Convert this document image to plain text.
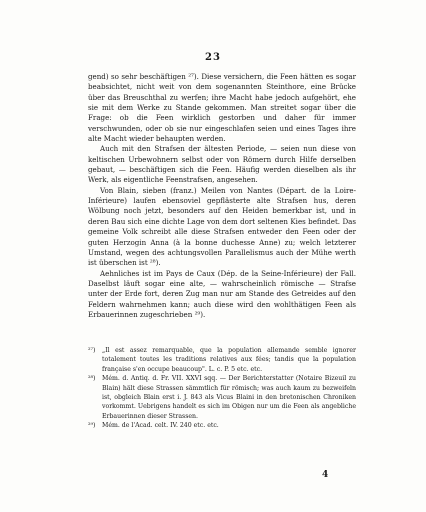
23

gend) so sehr beschäftigen ²⁷). Diese versichern, die Feen hätten es sogar beabsichtet, nicht weit von dem sogenannten Steinthore, eine Brücke über das Breuschthal zu werfen; ihre Macht habe jedoch aufgehört, ehe sie mit dem Werke zu Stande gekommen. Man streitet sogar über die Frage: ob die Feen wirklich gestorben und daher für immer verschwunden, oder ob sie nur eingeschlafen seien und eines Tages ihre alte Macht wieder behaupten werden.

Auch mit den Strafsen der ältesten Periode, — seien nun diese von keltischen Urbewohnern selbst oder von Römern durch Hilfe derselben gebaut, — beschäftigen sich die Feen. Häufig werden dieselben als ihr Werk, als eigentliche Feenstrafsen, angesehen.

Von Blain, sieben (franz.) Meilen von Nantes (Départ. de la Loire-Inférieure) laufen ebensoviel gepflästerte alte Strafsen hus, deren Wölbung noch jetzt, besonders auf den Heiden bemerkbar ist, und in deren Bau sich eine dichte Lage von dem dort seltenen Kies befindet. Das gemeine Volk schreibt alle diese Strafsen entweder den Feen oder der guten Herzogin Anna (à la bonne duchesse Anne) zu; welch letzterer Umstand, wegen des achtungsvollen Parallelismus auch der Mühe werth ist überschen ist ²⁸).

Aehnliches ist im Pays de Caux (Dép. de la Seine-Inférieure) der Fall. Daselbst läuft sogar eine alte, — wahrscheinlich römische — Strafse unter der Erde fort, deren Zug man nur am Stande des Getreides auf den Feldern wahrnehmen kann; auch diese wird den wohlthätigen Feen als Erbauerinnen zugeschrieben ²⁹).

²⁷) „Il est assez remarquable, que la population allemande semble ignorer totalement toutes les traditions relatives aux fées; tandis que la population française s'en occupe beaucoup". L. c. P. 5 etc. etc.

²⁸) Mém. d. Antiq. d. Fr. VII. XXVI sqq. — Der Berichterstatter (Notaire Bizeuil zu Blain) hält diese Strassen sämmtlich für römisch; was auch kaum zu bezweifeln ist, obgleich Blain erst i. J. 843 als Vicus Blaini in den bretonischen Chroniken vorkommt. Uebrigens handelt es sich im Obigen nur um die Feen als angebliche Erbauerinnen dieser Strassen.

²⁹) Mém. de l'Acad. celt. IV. 240 etc. etc.

4
